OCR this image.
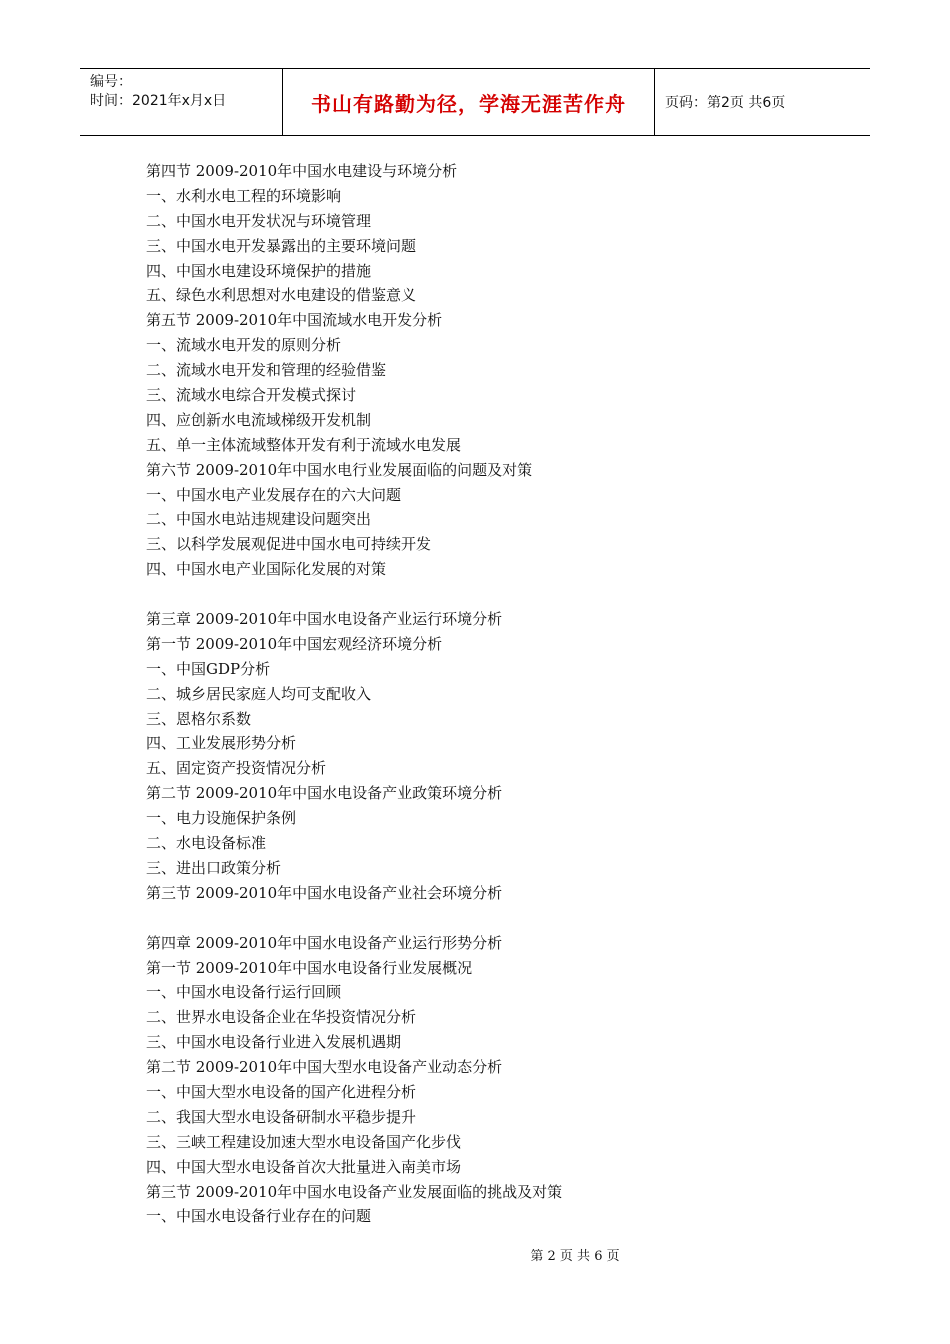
编号：
时间：2021年x月x日	书山有路勤为径，学海无涯苦作舟	页码：第2页 共6页
第四节 2009-2010年中国水电建设与环境分析
一、水利水电工程的环境影响
二、中国水电开发状况与环境管理
三、中国水电开发暴露出的主要环境问题
四、中国水电建设环境保护的措施
五、绿色水利思想对水电建设的借鉴意义
第五节 2009-2010年中国流域水电开发分析
一、流域水电开发的原则分析
二、流域水电开发和管理的经验借鉴
三、流域水电综合开发模式探讨
四、应创新水电流域梯级开发机制
五、单一主体流域整体开发有利于流域水电发展
第六节 2009-2010年中国水电行业发展面临的问题及对策
一、中国水电产业发展存在的六大问题
二、中国水电站违规建设问题突出
三、以科学发展观促进中国水电可持续开发
四、中国水电产业国际化发展的对策
第三章 2009-2010年中国水电设备产业运行环境分析
第一节 2009-2010年中国宏观经济环境分析
一、中国GDP分析
二、城乡居民家庭人均可支配收入
三、恩格尔系数
四、工业发展形势分析
五、固定资产投资情况分析
第二节 2009-2010年中国水电设备产业政策环境分析
一、电力设施保护条例
二、水电设备标准
三、进出口政策分析
第三节 2009-2010年中国水电设备产业社会环境分析
第四章 2009-2010年中国水电设备产业运行形势分析
第一节 2009-2010年中国水电设备行业发展概况
一、中国水电设备行运行回顾
二、世界水电设备企业在华投资情况分析
三、中国水电设备行业进入发展机遇期
第二节 2009-2010年中国大型水电设备产业动态分析
一、中国大型水电设备的国产化进程分析
二、我国大型水电设备研制水平稳步提升
三、三峡工程建设加速大型水电设备国产化步伐
四、中国大型水电设备首次大批量进入南美市场
第三节 2009-2010年中国水电设备产业发展面临的挑战及对策
一、中国水电设备行业存在的问题
第 2 页 共 6 页
